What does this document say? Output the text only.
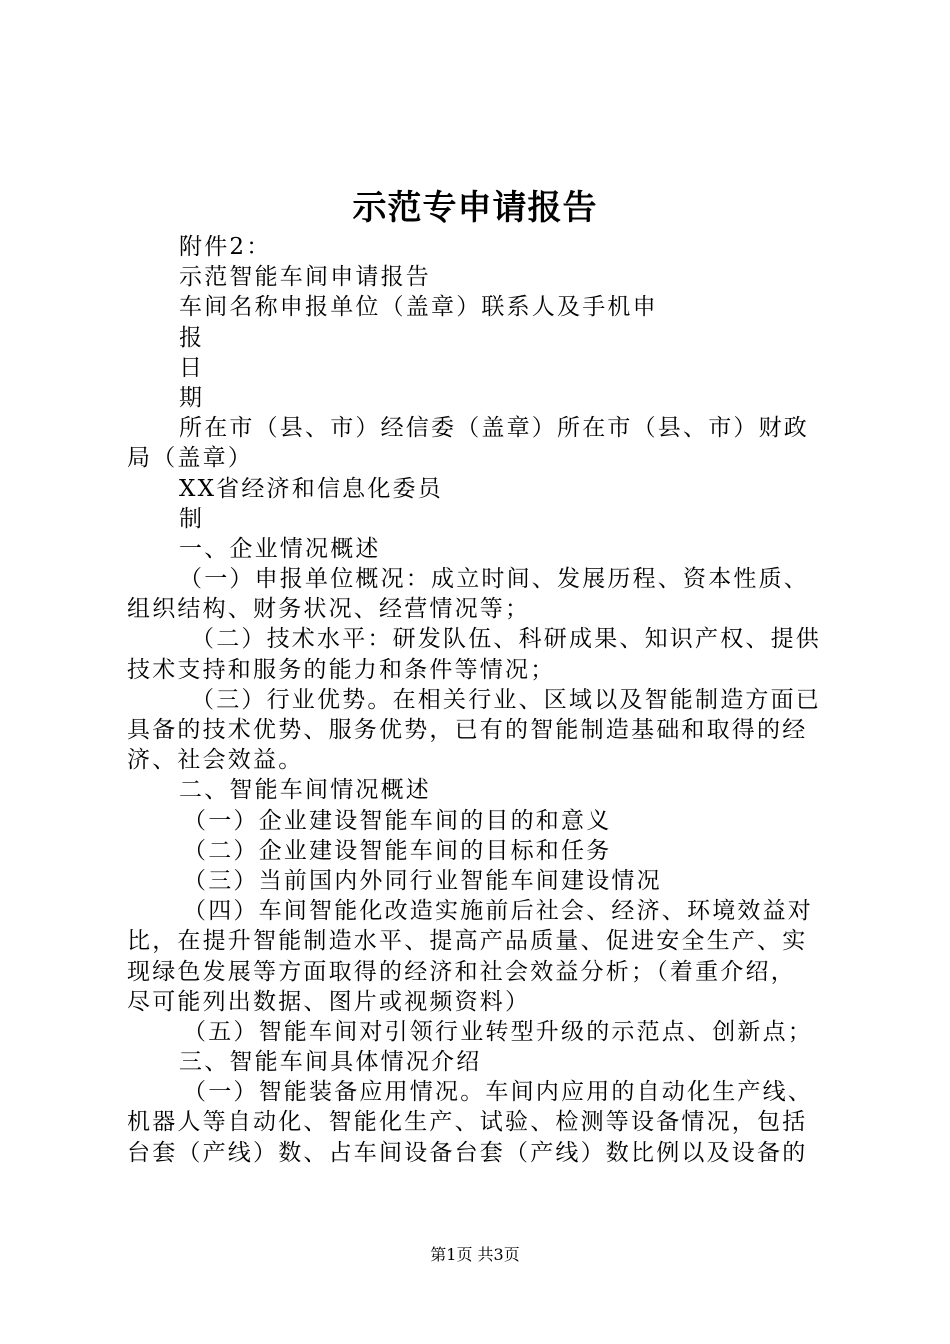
示范专申请报告
附件2：
示范智能车间申请报告
车间名称申报单位（盖章）联系人及手机申
报
日
期
所在市（县、市）经信委（盖章）所在市（县、市）财政
局（盖章）
XX省经济和信息化委员
制
一、企业情况概述
（一）申报单位概况：成立时间、发展历程、资本性质、
组织结构、财务状况、经营情况等；
（二）技术水平：研发队伍、科研成果、知识产权、提供
技术支持和服务的能力和条件等情况；
（三）行业优势。在相关行业、区域以及智能制造方面已
具备的技术优势、服务优势，已有的智能制造基础和取得的经
济、社会效益。
二、智能车间情况概述
（一）企业建设智能车间的目的和意义
（二）企业建设智能车间的目标和任务
（三）当前国内外同行业智能车间建设情况
（四）车间智能化改造实施前后社会、经济、环境效益对
比，在提升智能制造水平、提高产品质量、促进安全生产、实
现绿色发展等方面取得的经济和社会效益分析；（着重介绍，
尽可能列出数据、图片或视频资料）
（五）智能车间对引领行业转型升级的示范点、创新点；
三、智能车间具体情况介绍
（一）智能装备应用情况。车间内应用的自动化生产线、
机器人等自动化、智能化生产、试验、检测等设备情况，包括
台套（产线）数、占车间设备台套（产线）数比例以及设备的
第1页 共3页
